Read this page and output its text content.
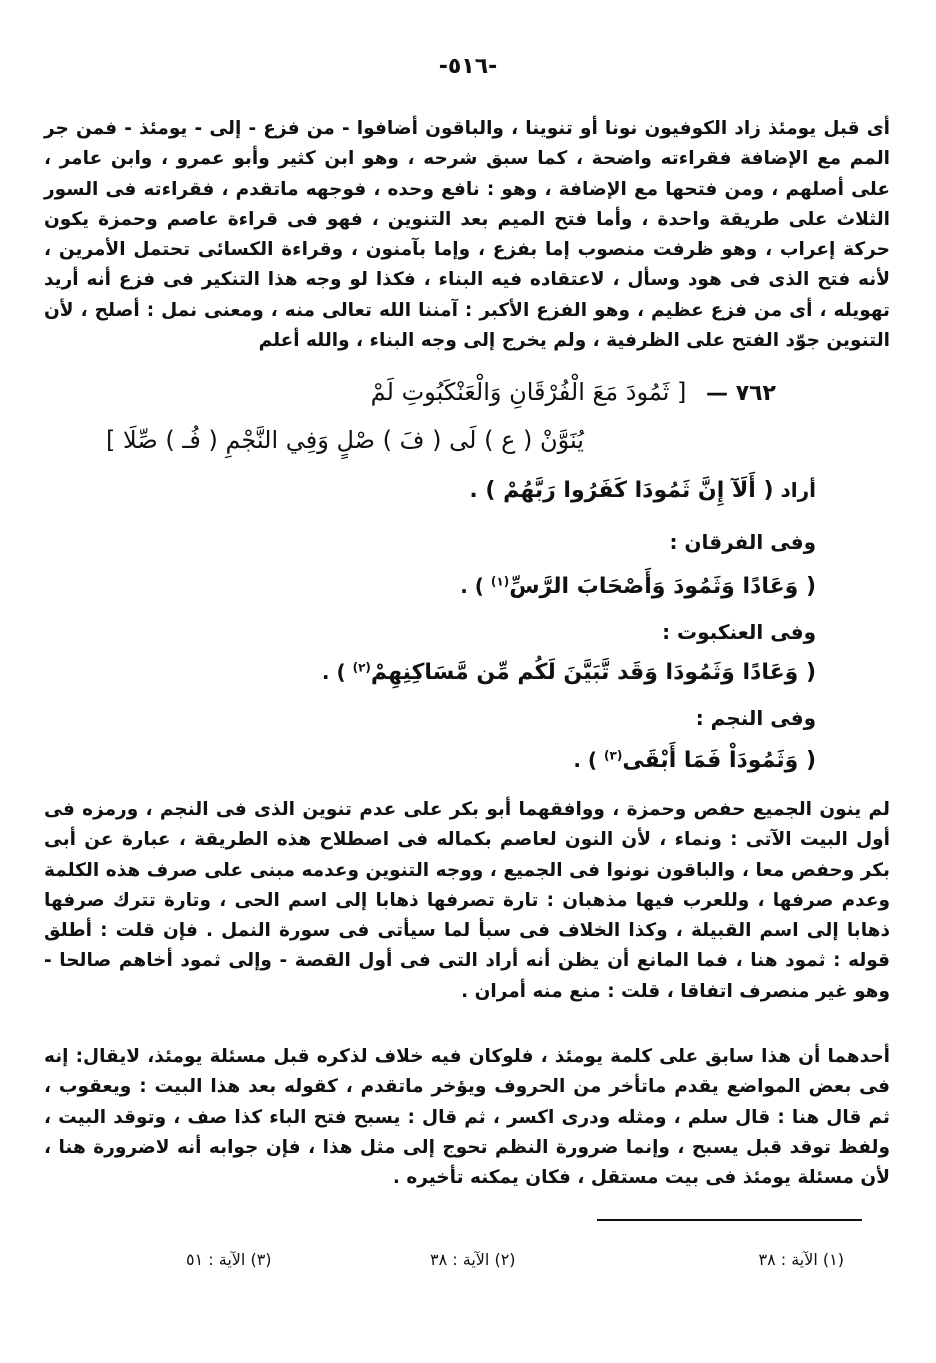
-٥١٦-

أى قبل يومئذ زاد الكوفيون نونا أو تنوينا ، والباقون أضافوا - من فزع - إلى - يومئذ - فمن جر المم مع الإضافة فقراءته واضحة ، كما سبق شرحه ، وهو ابن كثير وأبو عمرو ، وابن عامر ، على أصلهم ، ومن فتحها مع الإضافة ، وهو : نافع وحده ، فوجهه ماتقدم ، فقراءته فى السور الثلاث على طريقة واحدة ، وأما فتح الميم بعد التنوين ، فهو فى قراءة عاصم وحمزة يكون حركة إعراب ، وهو ظرفت منصوب إما بفزع ، وإما بآمنون ، وقراءة الكسائى تحتمل الأمرين ، لأنه فتح الذى فى هود وسأل ، لاعتقاده فيه البناء ، فكذا لو وجه هذا التنكير فى فزع أنه أريد تهويله ، أى من فزع عظيم ، وهو الفزع الأكبر : آمننا الله تعالى منه ، ومعنى نمل : أصلح ، لأن التنوين جوّد الفتح على الظرفية ، ولم يخرج إلى وجه البناء ، والله أعلم

٧٦٢ — [ ثَمُودَ مَعَ الْفُرْقَانِ وَالْعَنْكَبُوتِ لَمْ
يُنَوَّنْ ( ع ) لَى ( فَ ) صْلٍ وَفِي النَّجْمِ ( فُـ ) صِّلَا ]
أراد ( أَلَآ إِنَّ ثَمُودَا كَفَرُوا رَبَّهُمْ ) .
وفى الفرقان :
( وَعَادًا وَثَمُودَ وَأَصْحَابَ الرَّسِّ$^{(١)}$ ) .
وفى العنكبوت :
( وَعَادًا وَثَمُودَا وَقَد تَّبَيَّنَ لَكُم مِّن مَّسَاكِنِهِمْ$^{(٢)}$ ) .
وفى النجم :
( وَثَمُودَاْ فَمَا أَبْقَى$^{(٣)}$ ) .

لم ينون الجميع حفص وحمزة ، ووافقهما أبو بكر على عدم تنوين الذى فى النجم ، ورمزه فى أول البيت الآتى : ونماء ، لأن النون لعاصم بكماله فى اصطلاح هذه الطريقة ، عبارة عن أبى بكر وحفص معا ، والباقون نونوا فى الجميع ، ووجه التنوين وعدمه مبنى على صرف هذه الكلمة وعدم صرفها ، وللعرب فيها مذهبان : تارة تصرفها ذهابا إلى اسم الحى ، وتارة تترك صرفها ذهابا إلى اسم القبيلة ، وكذا الخلاف فى سبأ لما سيأتى فى سورة النمل . فإن قلت : أطلق قوله : ثمود هنا ، فما المانع أن يظن أنه أراد التى فى أول القصة - وإلى ثمود أخاهم صالحا - وهو غير منصرف اتفاقا ، قلت : منع منه أمران .

أحدهما أن هذا سابق على كلمة يومئذ ، فلوكان فيه خلاف لذكره قبل مسئلة يومئذ، لايقال: إنه فى بعض المواضع يقدم ماتأخر من الحروف ويؤخر ماتقدم ، كقوله بعد هذا البيت : ويعقوب ، ثم قال هنا : قال سلم ، ومثله ودرى اكسر ، ثم قال : يسبح فتح الباء كذا صف ، وتوقد البيت ، ولفظ توقد قبل يسبح ، وإنما ضرورة النظم تحوج إلى مثل هذا ، فإن جوابه أنه لاضرورة هنا ، لأن مسئلة يومئذ فى بيت مستقل ، فكان يمكنه تأخيره .

(١) الآية : ٣٨
(٢) الآية : ٣٨
(٣) الآية : ٥١
